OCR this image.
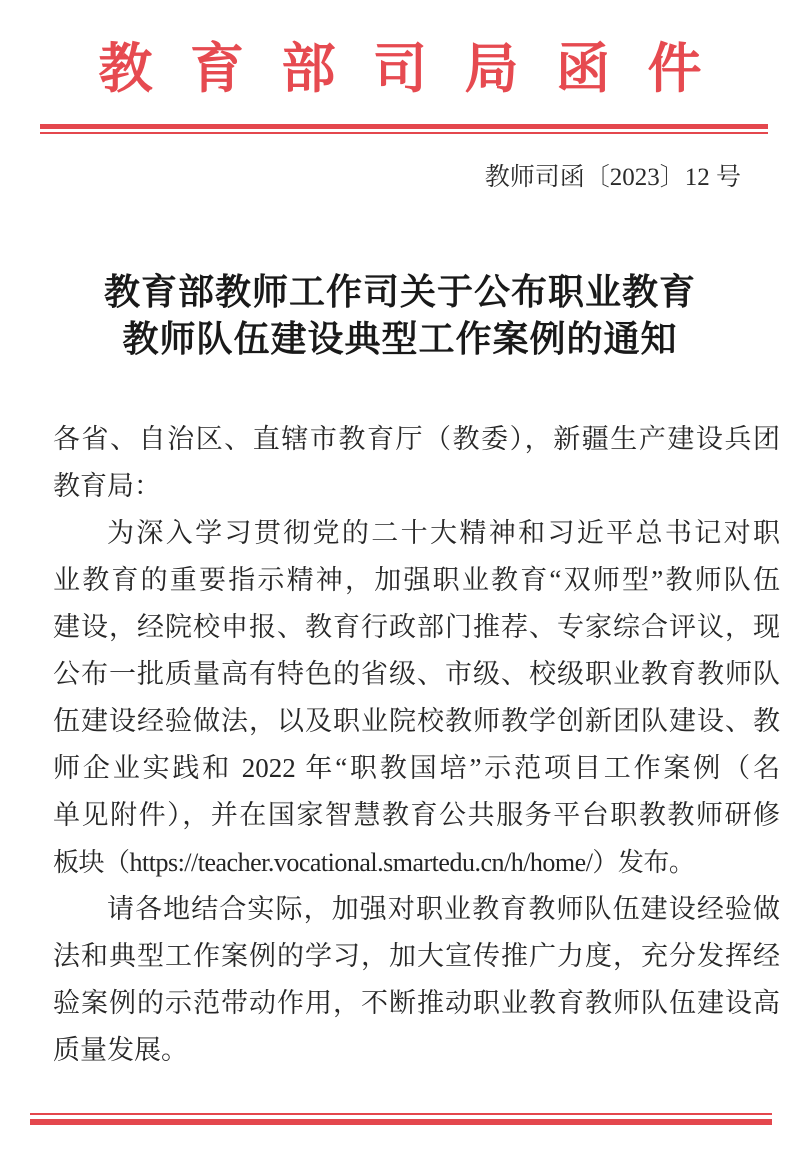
教 育 部 司 局 函 件
教师司函〔2023〕12 号
教育部教师工作司关于公布职业教育
教师队伍建设典型工作案例的通知
各省、自治区、直辖市教育厅（教委），新疆生产建设兵团
教育局：
为深入学习贯彻党的二十大精神和习近平总书记对职
业教育的重要指示精神，加强职业教育“双师型”教师队伍
建设，经院校申报、教育行政部门推荐、专家综合评议，现
公布一批质量高有特色的省级、市级、校级职业教育教师队
伍建设经验做法，以及职业院校教师教学创新团队建设、教
师企业实践和 2022 年“职教国培”示范项目工作案例（名
单见附件），并在国家智慧教育公共服务平台职教教师研修
板块（https://teacher.vocational.smartedu.cn/h/home/）发布。
请各地结合实际，加强对职业教育教师队伍建设经验做
法和典型工作案例的学习，加大宣传推广力度，充分发挥经
验案例的示范带动作用，不断推动职业教育教师队伍建设高
质量发展。
